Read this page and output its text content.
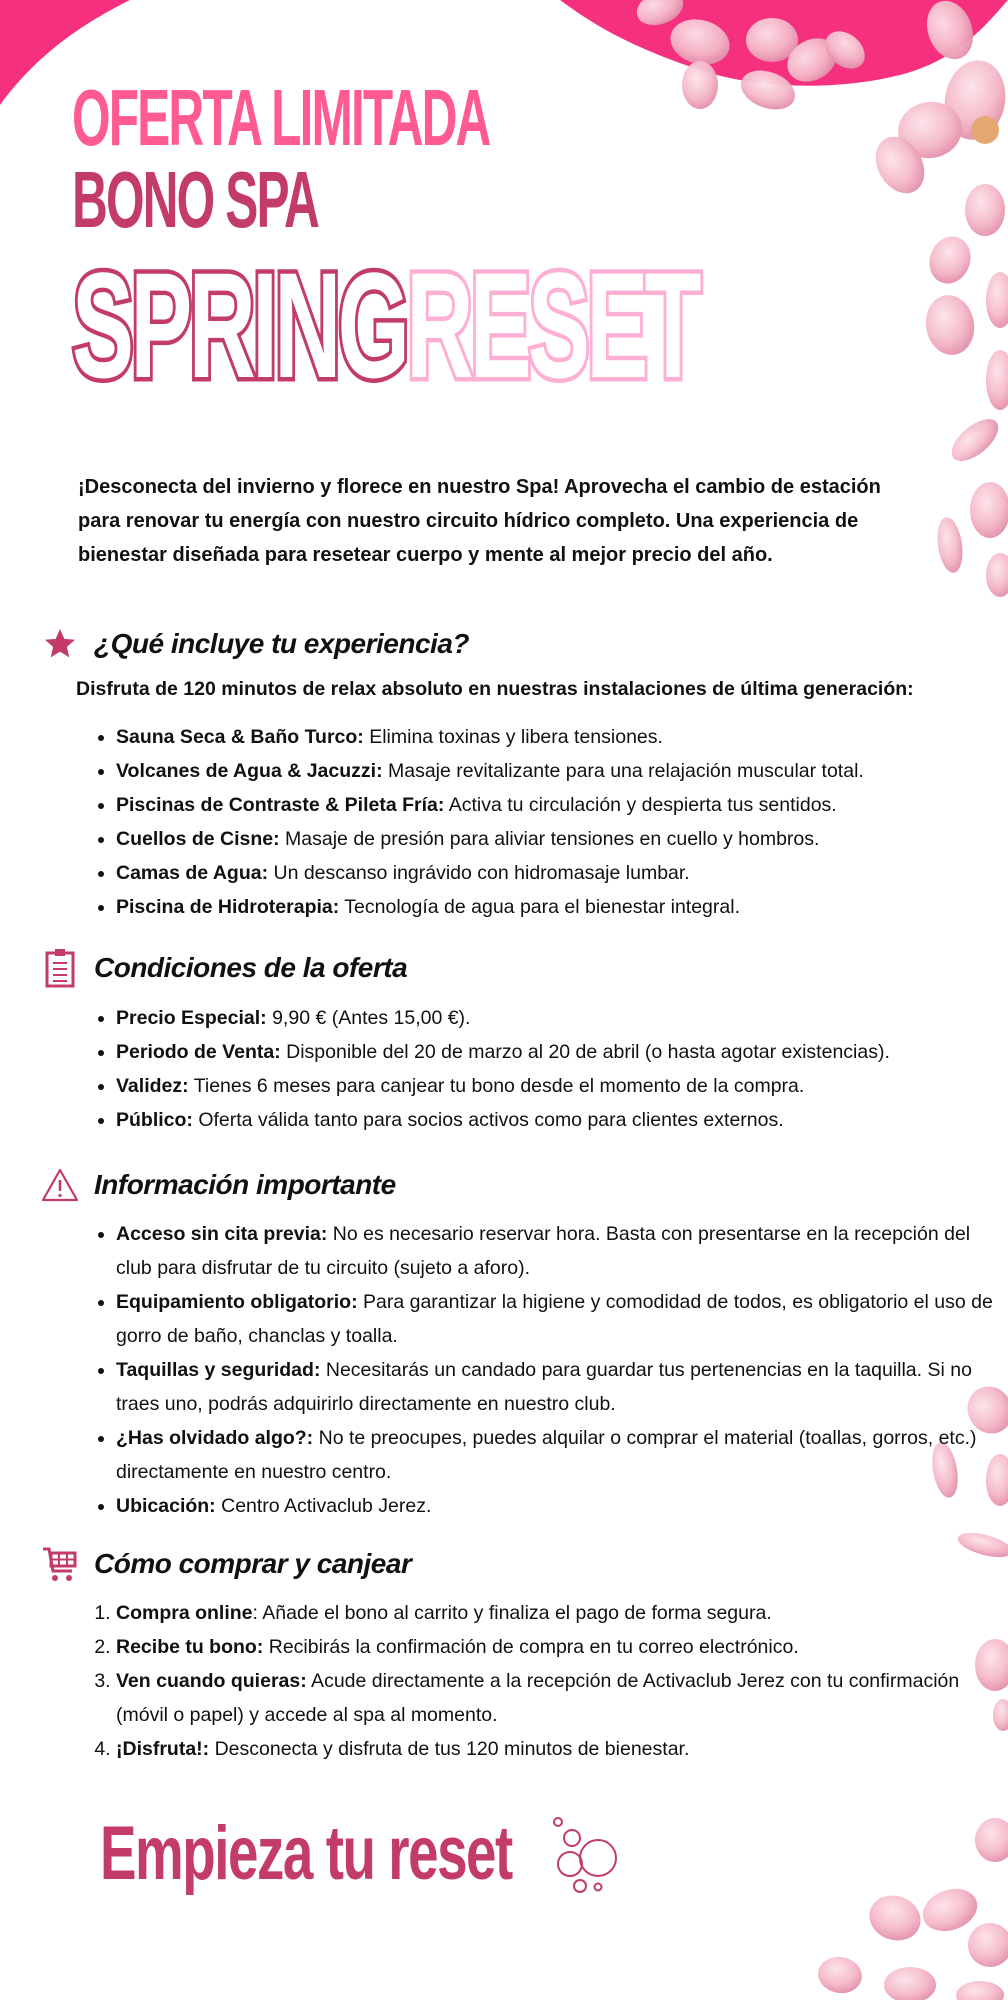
OFERTA LIMITADA
BONO SPA
SPRINGRESET

¡Desconecta del invierno y florece en nuestro Spa! Aprovecha el cambio de estación para renovar tu energía con nuestro circuito hídrico completo. Una experiencia de bienestar diseñada para resetear cuerpo y mente al mejor precio del año.

¿Qué incluye tu experiencia?
Disfruta de 120 minutos de relax absoluto en nuestras instalaciones de última generación:
• Sauna Seca & Baño Turco: Elimina toxinas y libera tensiones.
• Volcanes de Agua & Jacuzzi: Masaje revitalizante para una relajación muscular total.
• Piscinas de Contraste & Pileta Fría: Activa tu circulación y despierta tus sentidos.
• Cuellos de Cisne: Masaje de presión para aliviar tensiones en cuello y hombros.
• Camas de Agua: Un descanso ingrávido con hidromasaje lumbar.
• Piscina de Hidroterapia: Tecnología de agua para el bienestar integral.
Condiciones de la oferta
• Precio Especial: 9,90 € (Antes 15,00 €).
• Periodo de Venta: Disponible del 20 de marzo al 20 de abril (o hasta agotar existencias).
• Validez: Tienes 6 meses para canjear tu bono desde el momento de la compra.
• Público: Oferta válida tanto para socios activos como para clientes externos.
Información importante
• Acceso sin cita previa: No es necesario reservar hora. Basta con presentarse en la recepción del club para disfrutar de tu circuito (sujeto a aforo).
• Equipamiento obligatorio: Para garantizar la higiene y comodidad de todos, es obligatorio el uso de gorro de baño, chanclas y toalla.
• Taquillas y seguridad: Necesitarás un candado para guardar tus pertenencias en la taquilla. Si no traes uno, podrás adquirirlo directamente en nuestro club.
• ¿Has olvidado algo?: No te preocupes, puedes alquilar o comprar el material (toallas, gorros, etc.) directamente en nuestro centro.
• Ubicación: Centro Activaclub Jerez.
Cómo comprar y canjear
1. Compra online: Añade el bono al carrito y finaliza el pago de forma segura.
2. Recibe tu bono: Recibirás la confirmación de compra en tu correo electrónico.
3. Ven cuando quieras: Acude directamente a la recepción de Activaclub Jerez con tu confirmación (móvil o papel) y accede al spa al momento.
4. ¡Disfruta!: Desconecta y disfruta de tus 120 minutos de bienestar.
Empieza tu reset
